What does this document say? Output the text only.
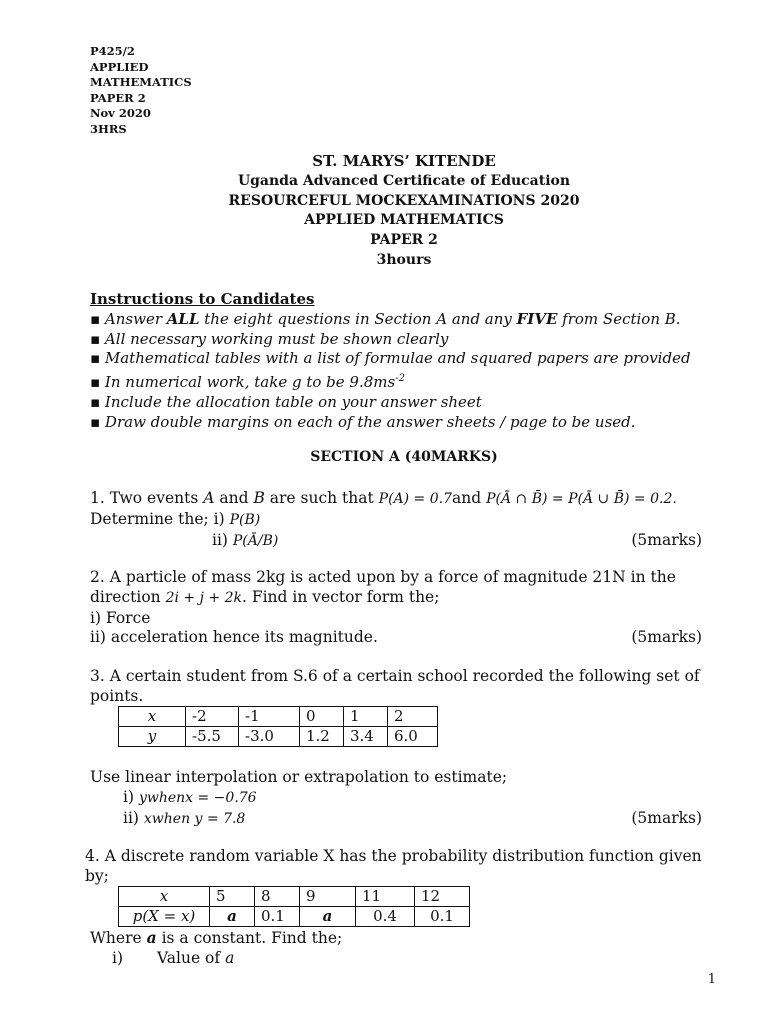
P425/2
APPLIED
MATHEMATICS
PAPER 2
Nov 2020
3HRS
ST. MARYS’ KITENDE
Uganda Advanced Certificate of Education
RESOURCEFUL MOCKEXAMINATIONS 2020
APPLIED MATHEMATICS
PAPER 2
3hours
Instructions to Candidates
▪ Answer ALL the eight questions in Section A and any FIVE from Section B.
▪ All necessary working must be shown clearly
▪ Mathematical tables with a list of formulae and squared papers are provided
▪ In numerical work, take g to be $9.8ms^{-2}$
▪ Include the allocation table on your answer sheet
▪ Draw double margins on each of the answer sheets / page to be used.
SECTION A (40MARKS)
1. Two events A and B are such that P(A) = 0.7and P(Ā ∩ B̄) = P(Ā ∪ B̄) = 0.2.
Determine the; i) P(B)
ii) P(Ā/B)	(5marks)
2. A particle of mass 2kg is acted upon by a force of magnitude 21N in the
direction 2i + j + 2k. Find in vector form the;
i) Force
ii) acceleration hence its magnitude.	(5marks)
3. A certain student from S.6 of a certain school recorded the following set of
points.
x	-2	-1	0	1	2
y	-5.5	-3.0	1.2	3.4	6.0
Use linear interpolation or extrapolation to estimate;
i) ywhenx = −0.76
ii) xwhen y = 7.8	(5marks)
4. A discrete random variable X has the probability distribution function given
by;
x	5	8	9	11	12
p(X = x)	a	0.1	a	0.4	0.1
Where a is a constant. Find the;
i) Value of a
1
